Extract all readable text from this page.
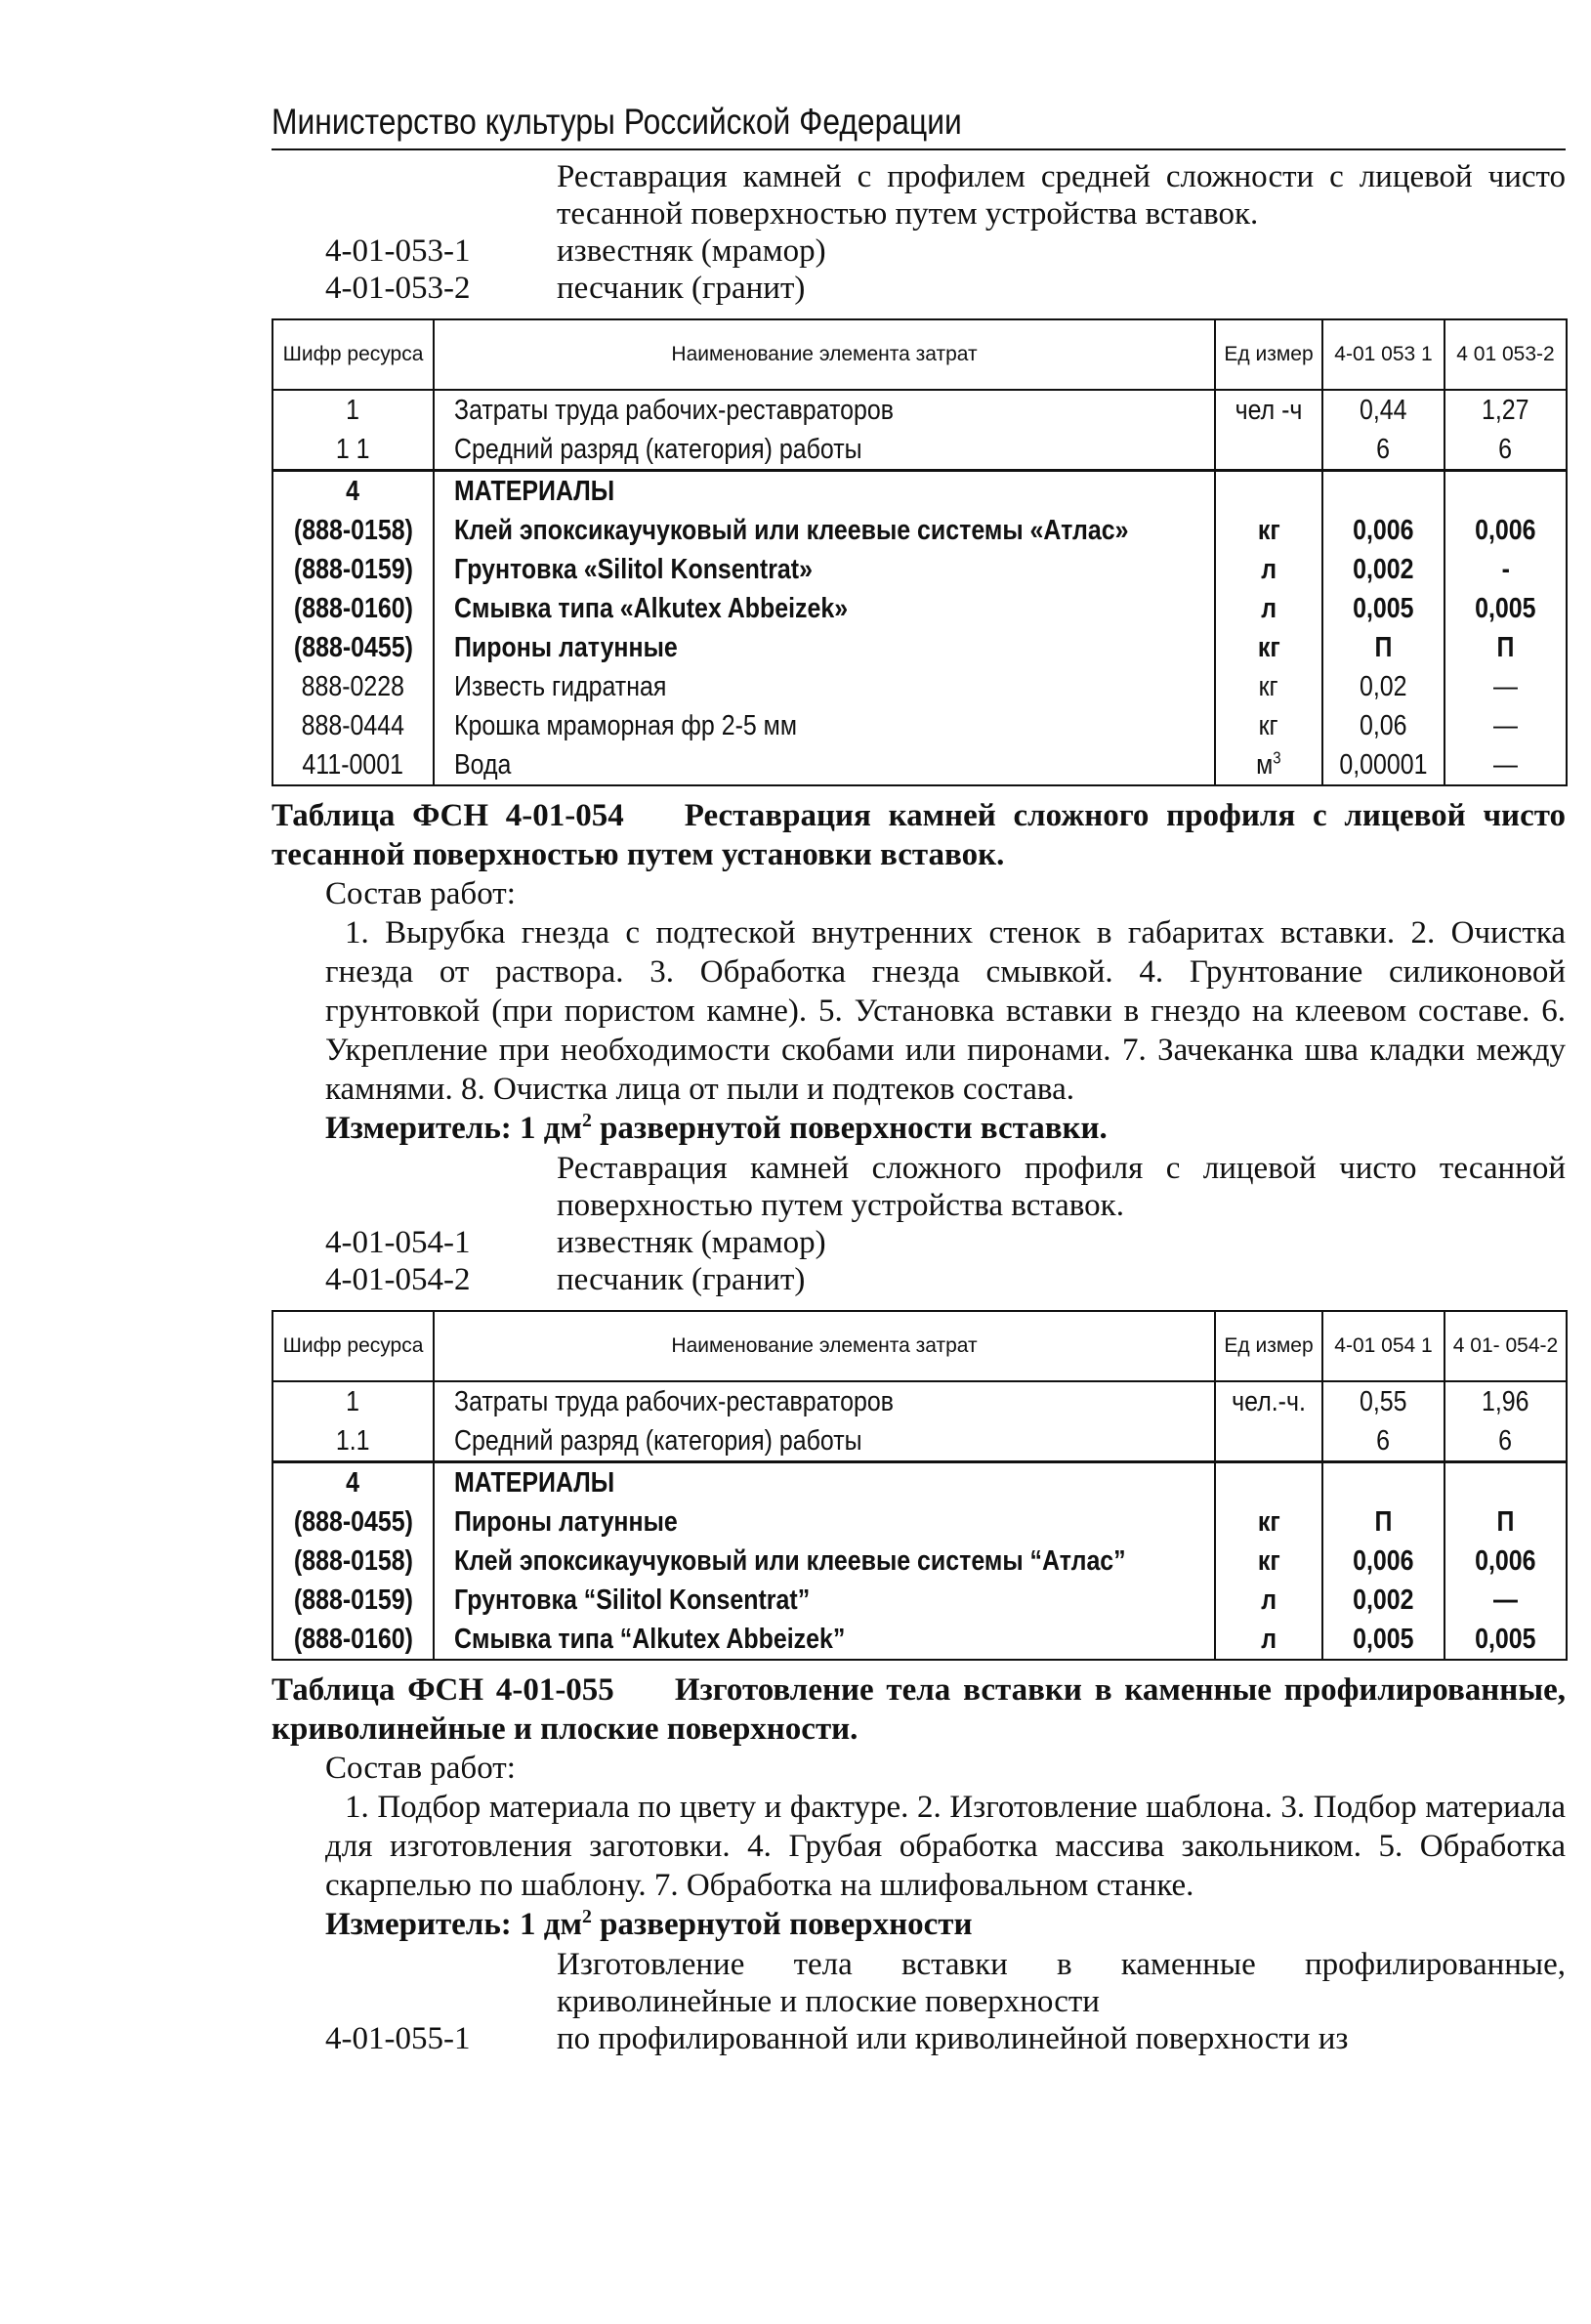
Министерство культуры Российской Федерации
Реставрация камней с профилем средней сложности с лицевой чисто тесанной поверхностью путем устройства вставок.
4-01-053-1	известняк (мрамор)
4-01-053-2	песчаник (гранит)
Шифр ресурса	Наименование элемента затрат	Ед измер	4-01 053 1	4 01 053-2
1	Затраты труда рабочих-реставраторов	чел -ч	0,44	1,27
1 1	Средний разряд (категория) работы		6	6
4	МАТЕРИАЛЫ			
(888-0158)	Клей эпоксикаучуковый или клеевые системы «Атлас»	кг	0,006	0,006
(888-0159)	Грунтовка «Silitol Konsentrat»	л	0,002	-
(888-0160)	Смывка типа «Alkutex Abbeizek»	л	0,005	0,005
(888-0455)	Пироны латунные	кг	П	П
888-0228	Известь гидратная	кг	0,02	—
888-0444	Крошка мраморная фр 2-5 мм	кг	0,06	—
411-0001	Вода	$м^3$	0,00001	—
Таблица ФСН 4-01-054 Реставрация камней сложного профиля с лицевой чисто тесанной поверхностью путем установки вставок.
Состав работ:
1. Вырубка гнезда с подтеской внутренних стенок в габаритах вставки. 2. Очистка гнезда от раствора. 3. Обработка гнезда смывкой. 4. Грунтование силиконовой грунтовкой (при пористом камне). 5. Установка вставки в гнездо на клеевом составе. 6. Укрепление при необходимости скобами или пиронами. 7. Зачеканка шва кладки между камнями. 8. Очистка лица от пыли и подтеков состава.
Измеритель: 1 $дм^2$ развернутой поверхности вставки.
Реставрация камней сложного профиля с лицевой чисто тесанной поверхностью путем устройства вставок.
4-01-054-1	известняк (мрамор)
4-01-054-2	песчаник (гранит)
Шифр ресурса	Наименование элемента затрат	Ед измер	4-01 054 1	4 01- 054-2
1	Затраты труда рабочих-реставраторов	чел.-ч.	0,55	1,96
1.1	Средний разряд (категория) работы		6	6
4	МАТЕРИАЛЫ			
(888-0455)	Пироны латунные	кг	П	П
(888-0158)	Клей эпоксикаучуковый или клеевые системы “Атлас”	кг	0,006	0,006
(888-0159)	Грунтовка “Silitol Konsentrat”	л	0,002	—
(888-0160)	Смывка типа “Alkutex Abbeizek”	л	0,005	0,005
Таблица ФСН 4-01-055 Изготовление тела вставки в каменные профилированные, криволинейные и плоские поверхности.
Состав работ:
1. Подбор материала по цвету и фактуре. 2. Изготовление шаблона. 3. Подбор материала для изготовления заготовки. 4. Грубая обработка массива закольником. 5. Обработка скарпелью по шаблону. 7. Обработка на шлифовальном станке.
Измеритель: 1 $дм^2$ развернутой поверхности
Изготовление тела вставки в каменные профилированные, криволинейные и плоские поверхности
4-01-055-1	по профилированной или криволинейной поверхности из
